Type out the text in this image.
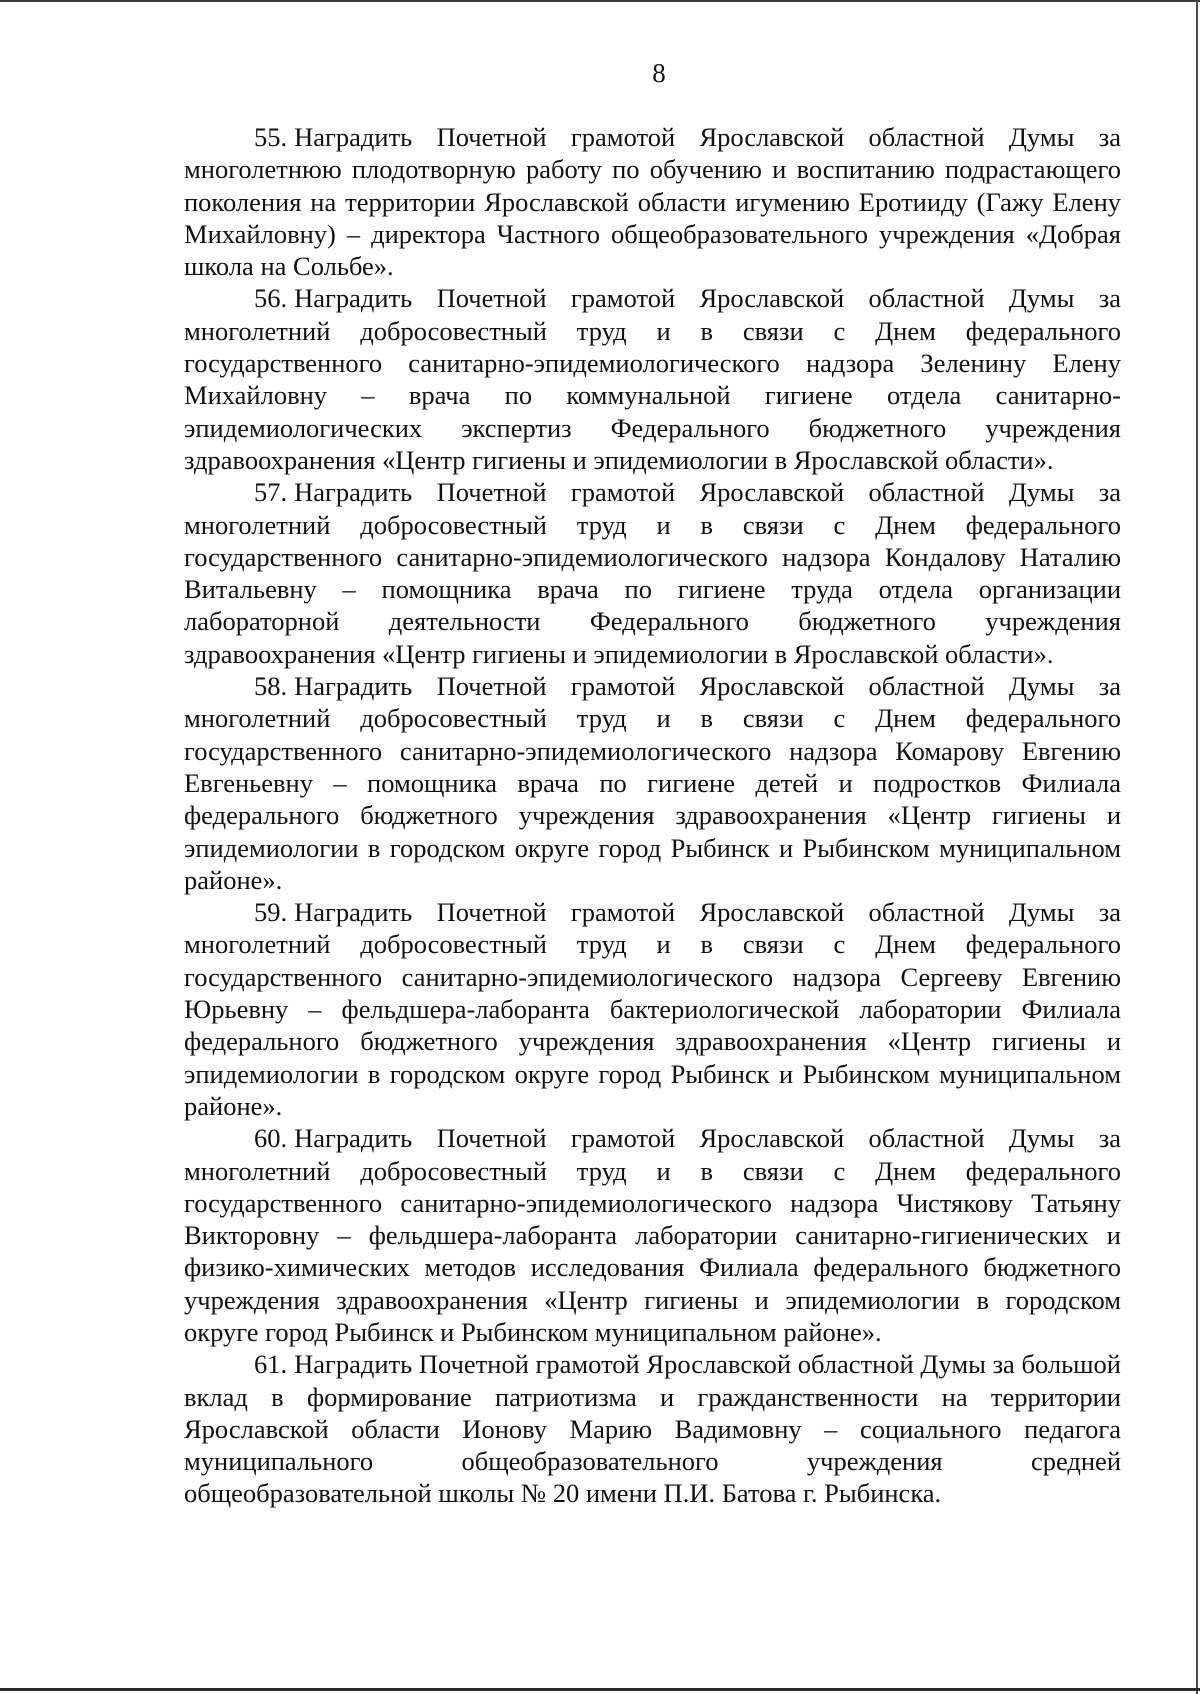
8

55. Наградить Почетной грамотой Ярославской областной Думы за многолетнюю плодотворную работу по обучению и воспитанию подрастающего поколения на территории Ярославской области игумению Еротииду (Гажу Елену Михайловну) – директора Частного общеобразовательного учреждения «Добрая школа на Сольбе».

56. Наградить Почетной грамотой Ярославской областной Думы за многолетний добросовестный труд и в связи с Днем федерального государственного санитарно-эпидемиологического надзора Зеленину Елену Михайловну – врача по коммунальной гигиене отдела санитарно-эпидемиологических экспертиз Федерального бюджетного учреждения здравоохранения «Центр гигиены и эпидемиологии в Ярославской области».

57. Наградить Почетной грамотой Ярославской областной Думы за многолетний добросовестный труд и в связи с Днем федерального государственного санитарно-эпидемиологического надзора Кондалову Наталию Витальевну – помощника врача по гигиене труда отдела организации лабораторной деятельности Федерального бюджетного учреждения здравоохранения «Центр гигиены и эпидемиологии в Ярославской области».

58. Наградить Почетной грамотой Ярославской областной Думы за многолетний добросовестный труд и в связи с Днем федерального государственного санитарно-эпидемиологического надзора Комарову Евгению Евгеньевну – помощника врача по гигиене детей и подростков Филиала федерального бюджетного учреждения здравоохранения «Центр гигиены и эпидемиологии в городском округе город Рыбинск и Рыбинском муниципальном районе».

59. Наградить Почетной грамотой Ярославской областной Думы за многолетний добросовестный труд и в связи с Днем федерального государственного санитарно-эпидемиологического надзора Сергееву Евгению Юрьевну – фельдшера-лаборанта бактериологической лаборатории Филиала федерального бюджетного учреждения здравоохранения «Центр гигиены и эпидемиологии в городском округе город Рыбинск и Рыбинском муниципальном районе».

60. Наградить Почетной грамотой Ярославской областной Думы за многолетний добросовестный труд и в связи с Днем федерального государственного санитарно-эпидемиологического надзора Чистякову Татьяну Викторовну – фельдшера-лаборанта лаборатории санитарно-гигиенических и физико-химических методов исследования Филиала федерального бюджетного учреждения здравоохранения «Центр гигиены и эпидемиологии в городском округе город Рыбинск и Рыбинском муниципальном районе».

61. Наградить Почетной грамотой Ярославской областной Думы за большой вклад в формирование патриотизма и гражданственности на территории Ярославской области Ионову Марию Вадимовну – социального педагога муниципального общеобразовательного учреждения средней общеобразовательной школы № 20 имени П.И. Батова г. Рыбинска.
